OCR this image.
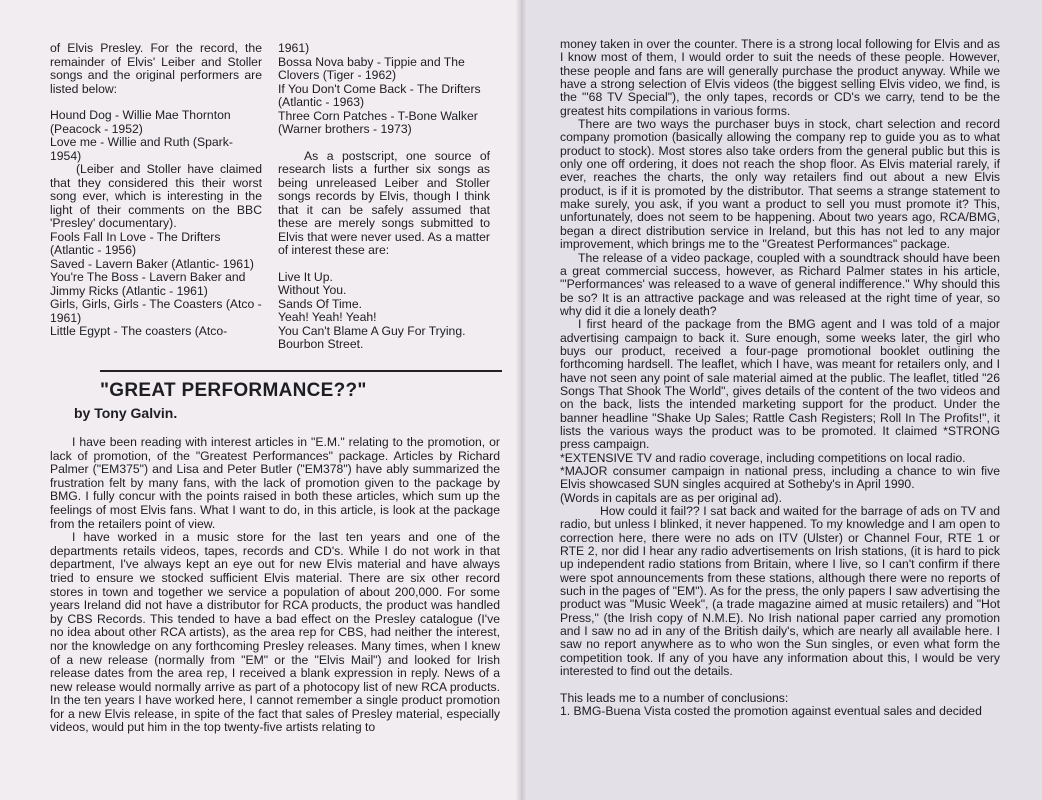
of Elvis Presley. For the record, the remainder of Elvis' Leiber and Stoller songs and the original performers are listed below:

Hound Dog - Willie Mae Thornton (Peacock - 1952)

Love me - Willie and Ruth (Spark- 1954)

(Leiber and Stoller have claimed that they considered this their worst song ever, which is interesting in the light of their comments on the BBC 'Presley' documentary).

Fools Fall In Love - The Drifters (Atlantic - 1956)

Saved - Lavern Baker (Atlantic- 1961)

You're The Boss - Lavern Baker and Jimmy Ricks (Atlantic - 1961)

Girls, Girls, Girls - The Coasters (Atco - 1961)

Little Egypt - The coasters (Atco-

1961)

Bossa Nova baby - Tippie and The Clovers (Tiger - 1962)

If You Don't Come Back - The Drifters (Atlantic - 1963)

Three Corn Patches - T-Bone Walker (Warner brothers - 1973)

As a postscript, one source of research lists a further six songs as being unreleased Leiber and Stoller songs records by Elvis, though I think that it can be safely assumed that these are merely songs submitted to Elvis that were never used. As a matter of interest these are:

Live It Up.

Without You.

Sands Of Time.

Yeah! Yeah! Yeah!

You Can't Blame A Guy For Trying.

Bourbon Street.

"GREAT PERFORMANCE??"
by Tony Galvin.

I have been reading with interest articles in "E.M." relating to the promotion, or lack of promotion, of the "Greatest Performances" package. Articles by Richard Palmer ("EM375") and Lisa and Peter Butler ("EM378") have ably summarized the frustration felt by many fans, with the lack of promotion given to the package by BMG. I fully concur with the points raised in both these articles, which sum up the feelings of most Elvis fans. What I want to do, in this article, is look at the package from the retailers point of view.

I have worked in a music store for the last ten years and one of the departments retails videos, tapes, records and CD's. While I do not work in that department, I've always kept an eye out for new Elvis material and have always tried to ensure we stocked sufficient Elvis material. There are six other record stores in town and together we service a population of about 200,000. For some years Ireland did not have a distributor for RCA products, the product was handled by CBS Records. This tended to have a bad effect on the Presley catalogue (I've no idea about other RCA artists), as the area rep for CBS, had neither the interest, nor the knowledge on any forthcoming Presley releases. Many times, when I knew of a new release (normally from "EM" or the "Elvis Mail") and looked for Irish release dates from the area rep, I received a blank expression in reply. News of a new release would normally arrive as part of a photocopy list of new RCA products. In the ten years I have worked here, I cannot remember a single product promotion for a new Elvis release, in spite of the fact that sales of Presley material, especially videos, would put him in the top twenty-five artists relating to

money taken in over the counter. There is a strong local following for Elvis and as I know most of them, I would order to suit the needs of these people. However, these people and fans are will generally purchase the product anyway. While we have a strong selection of Elvis videos (the biggest selling Elvis video, we find, is the "'68 TV Special"), the only tapes, records or CD's we carry, tend to be the greatest hits compilations in various forms.

There are two ways the purchaser buys in stock, chart selection and record company promotion (basically allowing the company rep to guide you as to what product to stock). Most stores also take orders from the general public but this is only one off ordering, it does not reach the shop floor. As Elvis material rarely, if ever, reaches the charts, the only way retailers find out about a new Elvis product, is if it is promoted by the distributor. That seems a strange statement to make surely, you ask, if you want a product to sell you must promote it? This, unfortunately, does not seem to be happening. About two years ago, RCA/BMG, began a direct distribution service in Ireland, but this has not led to any major improvement, which brings me to the "Greatest Performances" package.

The release of a video package, coupled with a soundtrack should have been a great commercial success, however, as Richard Palmer states in his article, "'Performances' was released to a wave of general indifference." Why should this be so? It is an attractive package and was released at the right time of year, so why did it die a lonely death?

I first heard of the package from the BMG agent and I was told of a major advertising campaign to back it. Sure enough, some weeks later, the girl who buys our product, received a four-page promotional booklet outlining the forthcoming hardsell. The leaflet, which I have, was meant for retailers only, and I have not seen any point of sale material aimed at the public. The leaflet, titled "26 Songs That Shook The World", gives details of the content of the two videos and on the back, lists the intended marketing support for the product. Under the banner headline "Shake Up Sales; Rattle Cash Registers; Roll In The Profits!", it lists the various ways the product was to be promoted. It claimed *STRONG press campaign.

*EXTENSIVE TV and radio coverage, including competitions on local radio.

*MAJOR consumer campaign in national press, including a chance to win five Elvis showcased SUN singles acquired at Sotheby's in April 1990.

(Words in capitals are as per original ad).

How could it fail?? I sat back and waited for the barrage of ads on TV and radio, but unless I blinked, it never happened. To my knowledge and I am open to correction here, there were no ads on ITV (Ulster) or Channel Four, RTE 1 or RTE 2, nor did I hear any radio advertisements on Irish stations, (it is hard to pick up independent radio stations from Britain, where I live, so I can't confirm if there were spot announcements from these stations, although there were no reports of such in the pages of "EM"). As for the press, the only papers I saw advertising the product was "Music Week", (a trade magazine aimed at music retailers) and "Hot Press," (the Irish copy of N.M.E). No Irish national paper carried any promotion and I saw no ad in any of the British daily's, which are nearly all available here. I saw no report anywhere as to who won the Sun singles, or even what form the competition took. If any of you have any information about this, I would be very interested to find out the details.

This leads me to a number of conclusions:

1. BMG-Buena Vista costed the promotion against eventual sales and decided
